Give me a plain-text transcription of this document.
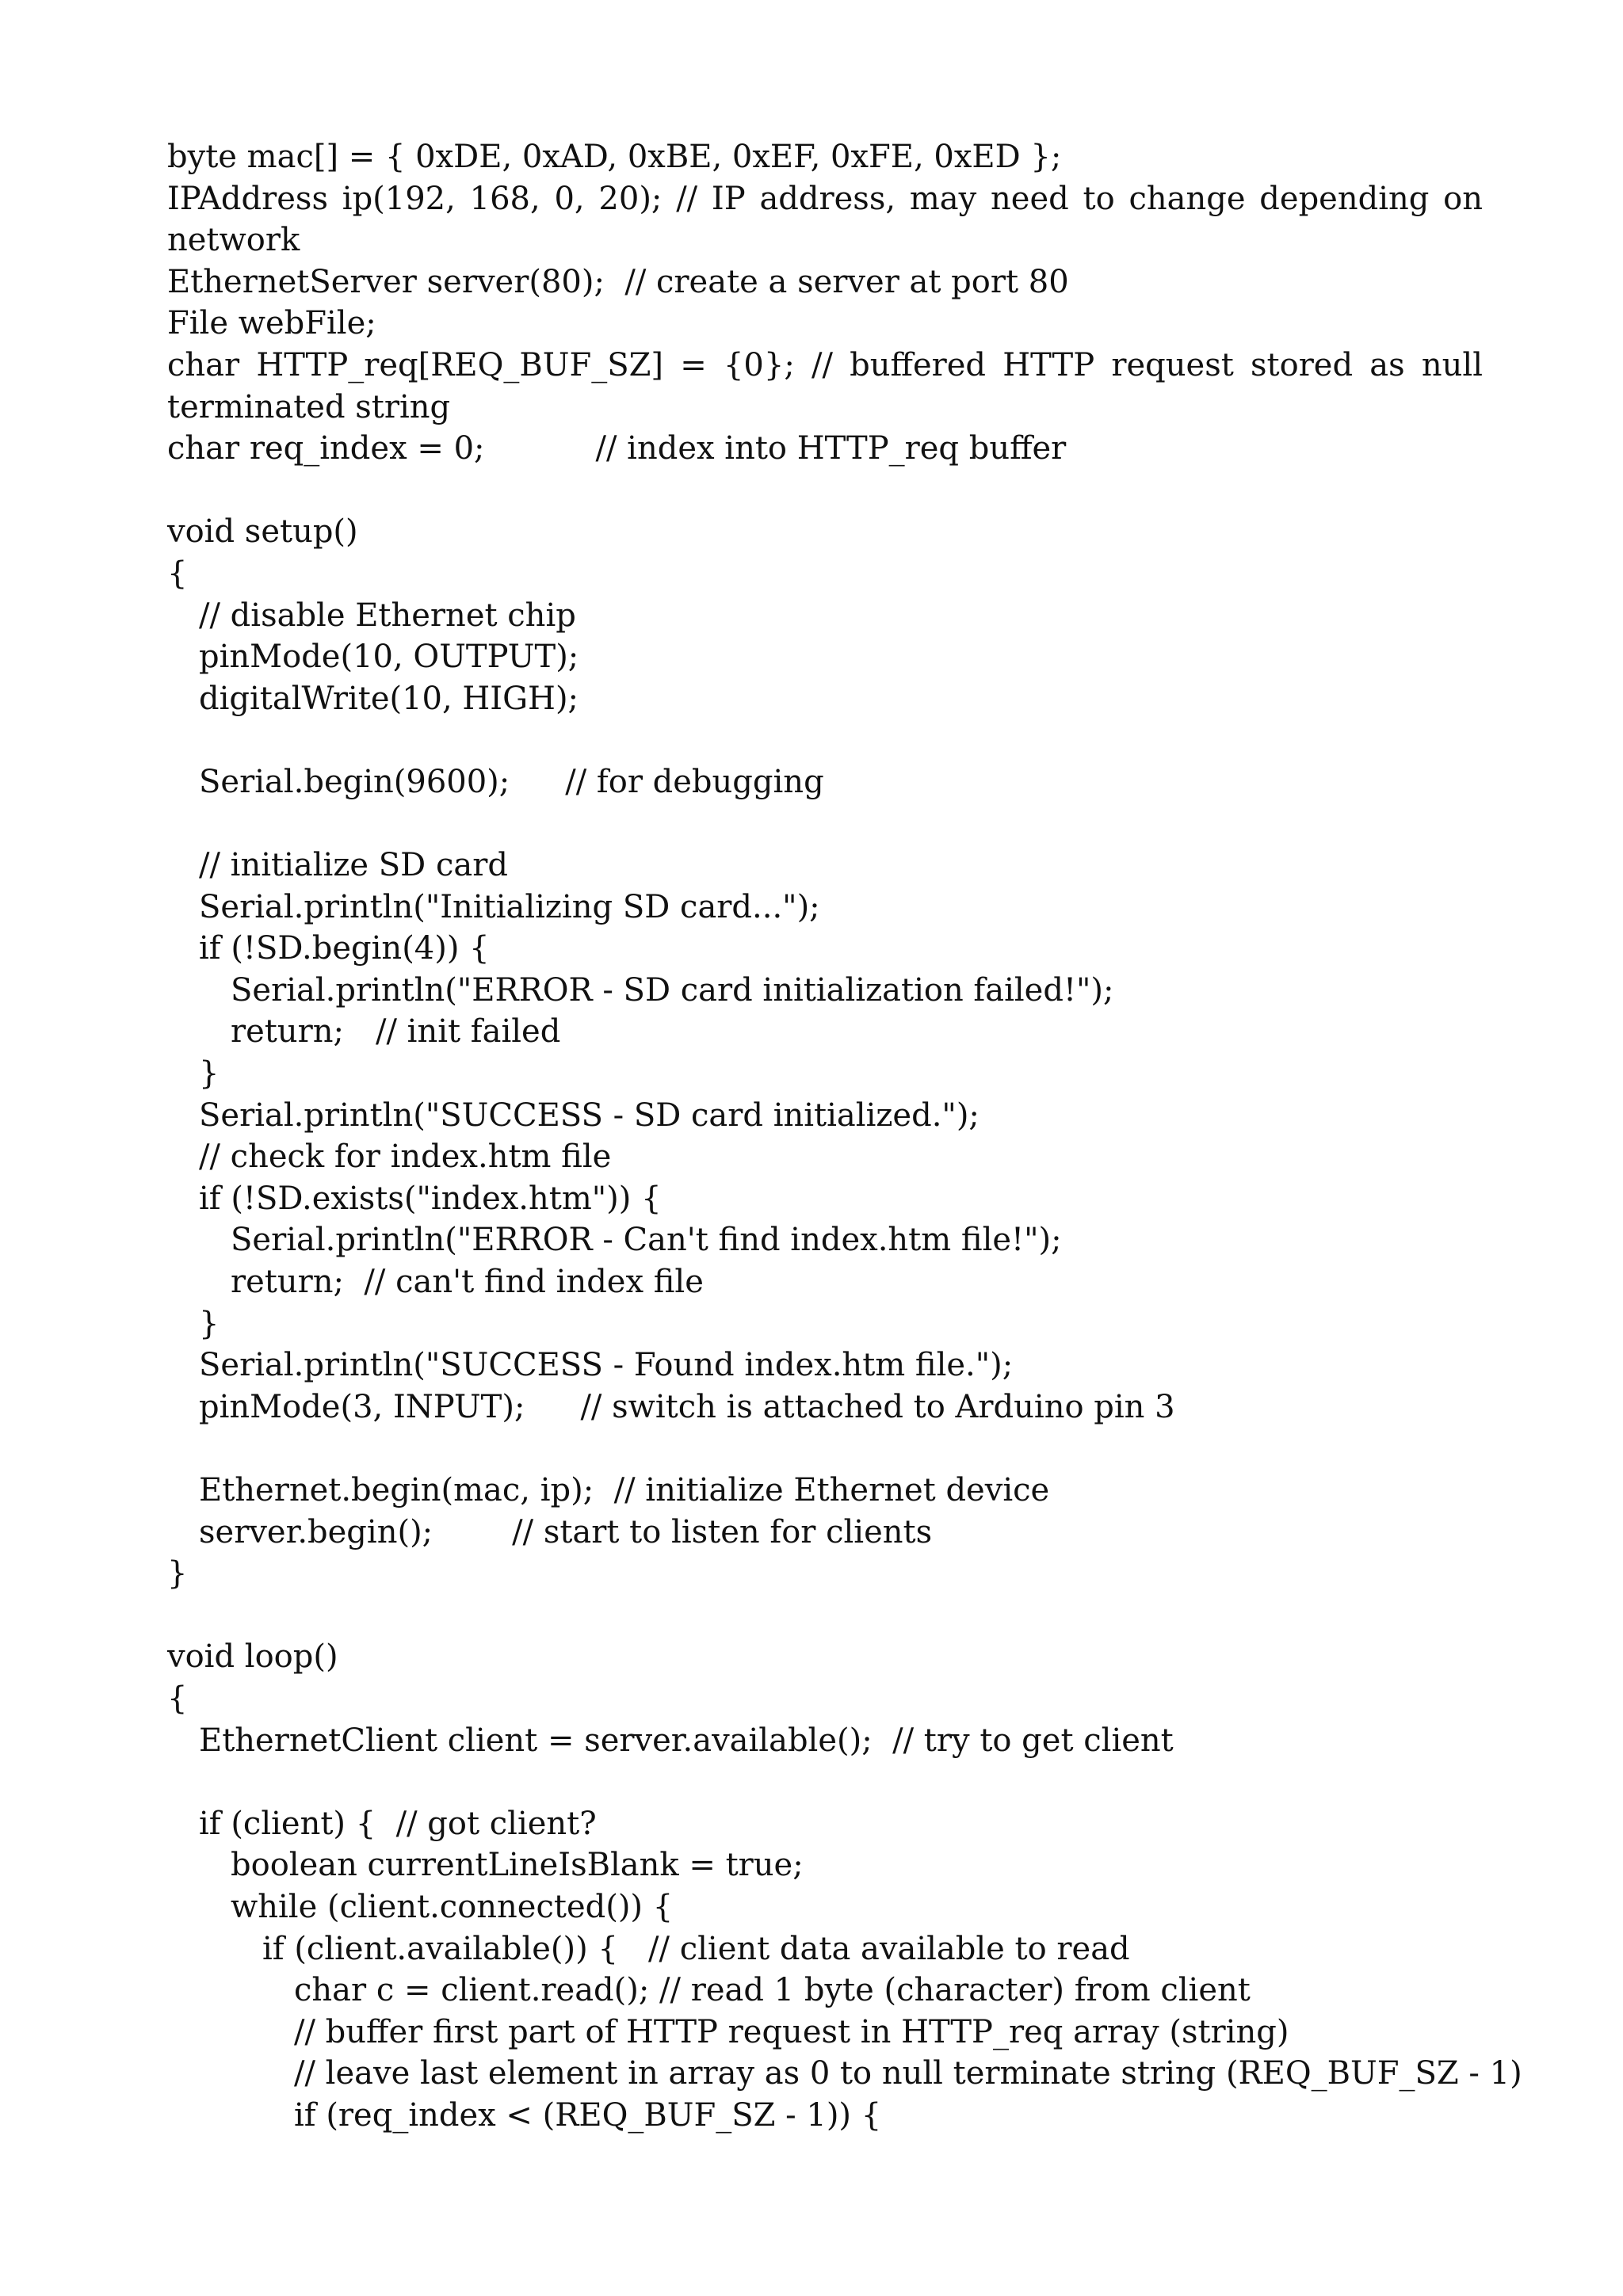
byte mac[] = { 0xDE, 0xAD, 0xBE, 0xEF, 0xFE, 0xED };
IPAddress ip(192, 168, 0, 20); // IP address, may need to change depending on
network
EthernetServer server(80);  // create a server at port 80
File webFile;
char HTTP_req[REQ_BUF_SZ] = {0}; // buffered HTTP request stored as null
terminated string
char req_index = 0;	// index into HTTP_req buffer
void setup()
{
// disable Ethernet chip
pinMode(10, OUTPUT);
digitalWrite(10, HIGH);
Serial.begin(9600); // for debugging
// initialize SD card
Serial.println("Initializing SD card...");
if (!SD.begin(4)) {
Serial.println("ERROR - SD card initialization failed!");
return; // init failed
}
Serial.println("SUCCESS - SD card initialized.");
// check for index.htm file
if (!SD.exists("index.htm")) {
Serial.println("ERROR - Can't find index.htm file!");
return;  // can't find index file
}
Serial.println("SUCCESS - Found index.htm file.");
pinMode(3, INPUT); // switch is attached to Arduino pin 3
Ethernet.begin(mac, ip);  // initialize Ethernet device
server.begin();	// start to listen for clients
}
void loop()
{
EthernetClient client = server.available();  // try to get client
if (client) {  // got client?
boolean currentLineIsBlank = true;
while (client.connected()) {
if (client.available()) {   // client data available to read
char c = client.read(); // read 1 byte (character) from client
// buffer first part of HTTP request in HTTP_req array (string)
// leave last element in array as 0 to null terminate string (REQ_BUF_SZ - 1)
if (req_index < (REQ_BUF_SZ - 1)) {
